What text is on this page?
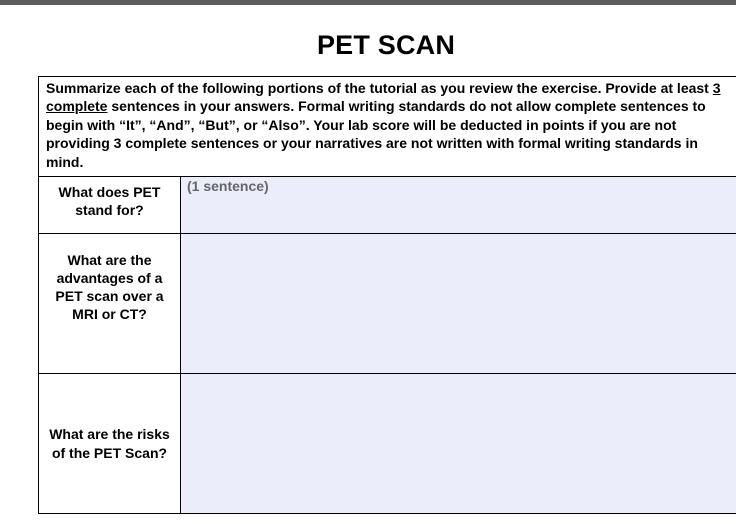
PET SCAN
Summarize each of the following portions of the tutorial as you review the exercise. Provide at least 3 complete sentences in your answers. Formal writing standards do not allow complete sentences to begin with “It”, “And”, “But”, or “Also”. Your lab score will be deducted in points if you are not providing 3 complete sentences or your narratives are not written with formal writing standards in mind.	
What does PET stand for?	(1 sentence)
What are the advantages of a PET scan over a MRI or CT?	
What are the risks of the PET Scan?	
